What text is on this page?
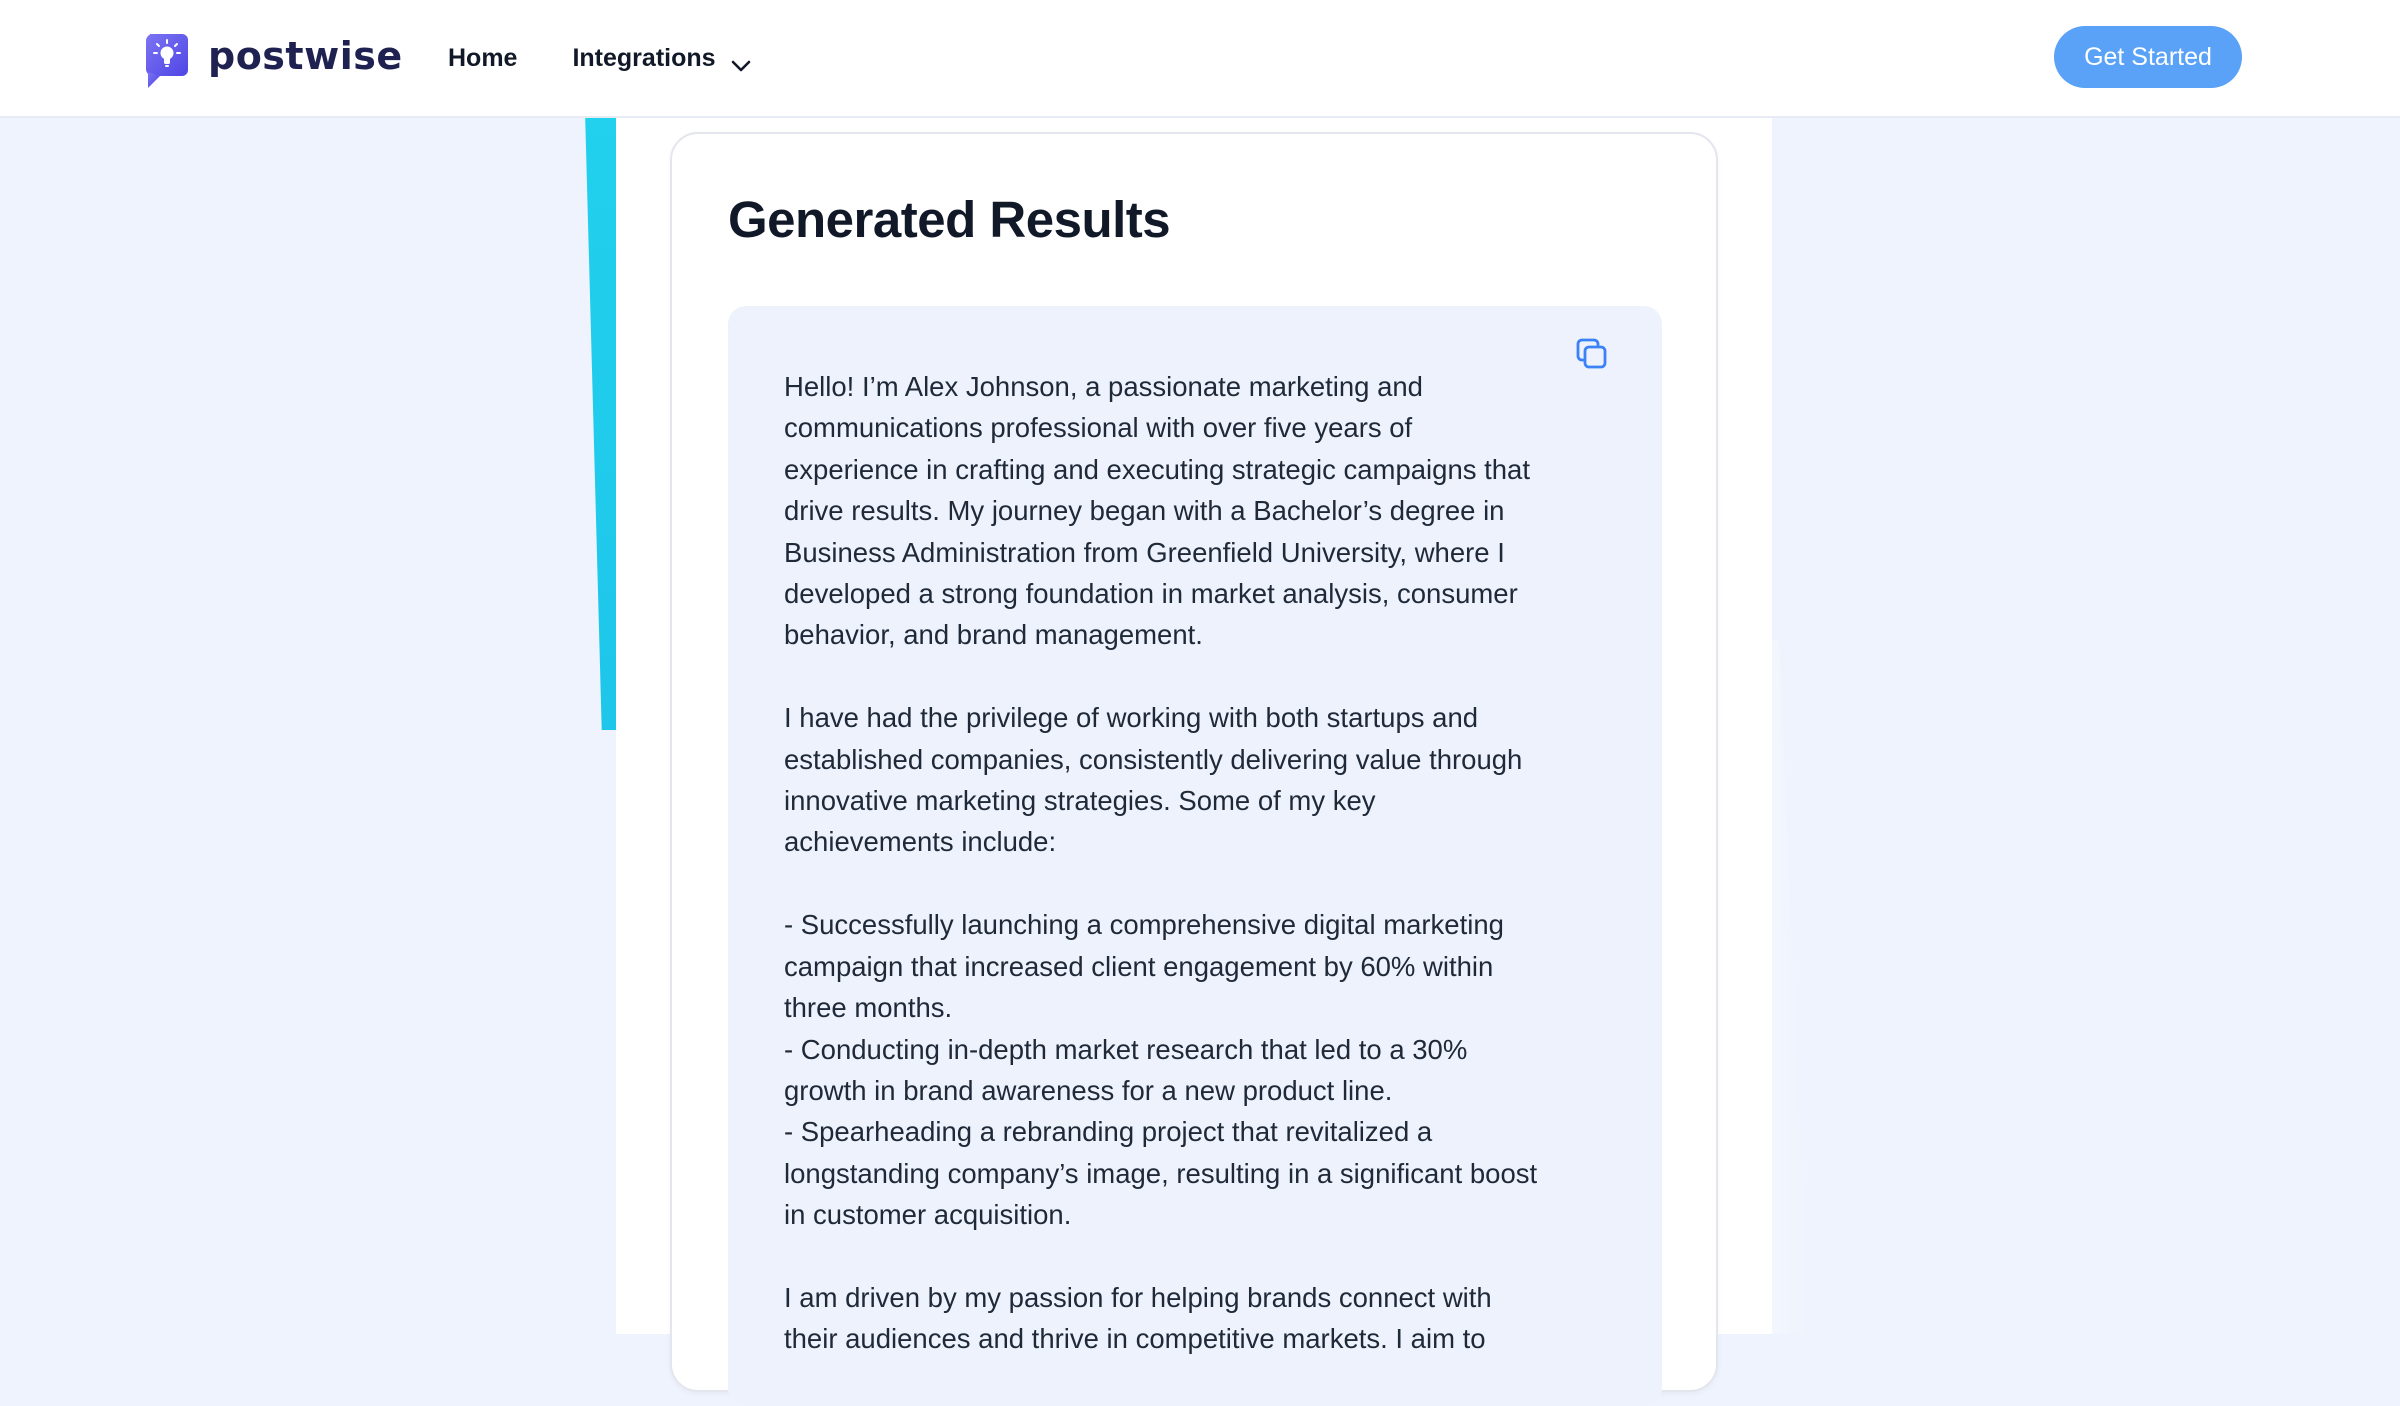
postwise Home Integrations	Get Started
Generated Results

Hello! I’m Alex Johnson, a passionate marketing and communications professional with over five years of experience in crafting and executing strategic campaigns that drive results. My journey began with a Bachelor’s degree in Business Administration from Greenfield University, where I developed a strong foundation in market analysis, consumer behavior, and brand management.

I have had the privilege of working with both startups and established companies, consistently delivering value through innovative marketing strategies. Some of my key achievements include:

- Successfully launching a comprehensive digital marketing campaign that increased client engagement by 60% within three months.
- Conducting in-depth market research that led to a 30% growth in brand awareness for a new product line.
- Spearheading a rebranding project that revitalized a longstanding company’s image, resulting in a significant boost in customer acquisition.

I am driven by my passion for helping brands connect with their audiences and thrive in competitive markets. I aim to
